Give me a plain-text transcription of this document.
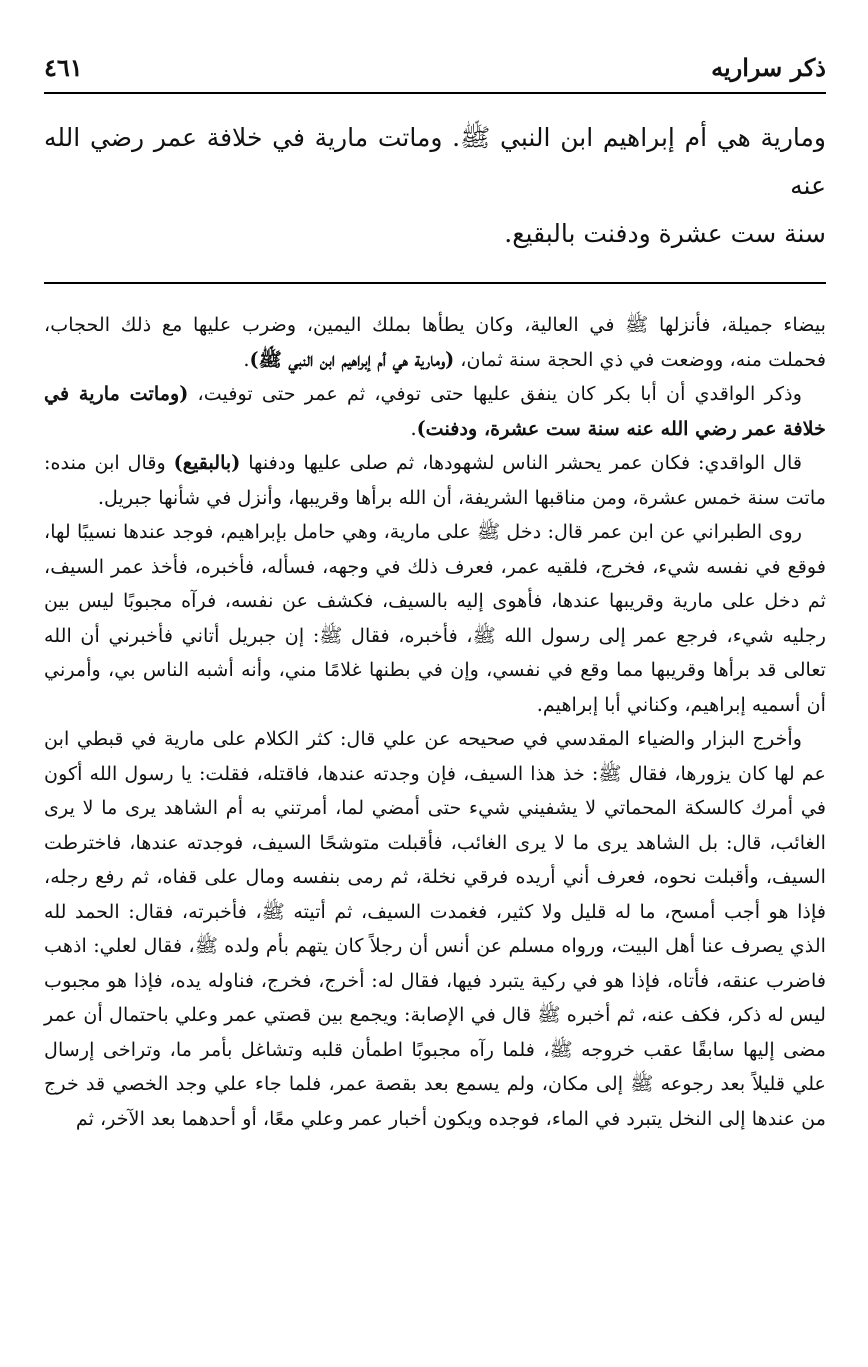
ذكر سراريه
٤٦١
ومارية هي أم إبراهيم ابن النبي ﷺ. وماتت مارية في خلافة عمر رضي الله عنه
سنة ست عشرة ودفنت بالبقيع.

بيضاء جميلة، فأنزلها ﷺ في العالية، وكان يطأها بملك اليمين، وضرب عليها مع ذلك الحجاب، فحملت منه، ووضعت في ذي الحجة سنة ثمان، (ومارية هي أم إبراهيم ابن النبي ﷺ).

وذكر الواقدي أن أبا بكر كان ينفق عليها حتى توفي، ثم عمر حتى توفيت، (وماتت مارية في خلافة عمر رضي الله عنه سنة ست عشرة، ودفنت).

قال الواقدي: فكان عمر يحشر الناس لشهودها، ثم صلى عليها ودفنها (بالبقيع) وقال ابن منده: ماتت سنة خمس عشرة، ومن مناقبها الشريفة، أن الله برأها وقريبها، وأنزل في شأنها جبريل.

روى الطبراني عن ابن عمر قال: دخل ﷺ على مارية، وهي حامل بإبراهيم، فوجد عندها نسيبًا لها، فوقع في نفسه شيء، فخرج، فلقيه عمر، فعرف ذلك في وجهه، فسأله، فأخبره، فأخذ عمر السيف، ثم دخل على مارية وقريبها عندها، فأهوى إليه بالسيف، فكشف عن نفسه، فرآه مجبوبًا ليس بين رجليه شيء، فرجع عمر إلى رسول الله ﷺ، فأخبره، فقال ﷺ: إن جبريل أتاني فأخبرني أن الله تعالى قد برأها وقريبها مما وقع في نفسي، وإن في بطنها غلامًا مني، وأنه أشبه الناس بي، وأمرني أن أسميه إبراهيم، وكناني أبا إبراهيم.

وأخرج البزار والضياء المقدسي في صحيحه عن علي قال: كثر الكلام على مارية في قبطي ابن عم لها كان يزورها، فقال ﷺ: خذ هذا السيف، فإن وجدته عندها، فاقتله، فقلت: يا رسول الله أكون في أمرك كالسكة المحماتي لا يشفيني شيء حتى أمضي لما، أمرتني به أم الشاهد يرى ما لا يرى الغائب، قال: بل الشاهد يرى ما لا يرى الغائب، فأقبلت متوشحًا السيف، فوجدته عندها، فاخترطت السيف، وأقبلت نحوه، فعرف أني أريده فرقي نخلة، ثم رمى بنفسه ومال على قفاه، ثم رفع رجله، فإذا هو أجب أمسح، ما له قليل ولا كثير، فغمدت السيف، ثم أتيته ﷺ، فأخبرته، فقال: الحمد لله الذي يصرف عنا أهل البيت، ورواه مسلم عن أنس أن رجلاً كان يتهم بأم ولده ﷺ، فقال لعلي: اذهب فاضرب عنقه، فأتاه، فإذا هو في ركية يتبرد فيها، فقال له: أخرج، فخرج، فناوله يده، فإذا هو مجبوب ليس له ذكر، فكف عنه، ثم أخبره ﷺ قال في الإصابة: ويجمع بين قصتي عمر وعلي باحتمال أن عمر مضى إليها سابقًا عقب خروجه ﷺ، فلما رآه مجبوبًا اطمأن قلبه وتشاغل بأمر ما، وتراخى إرسال علي قليلاً بعد رجوعه ﷺ إلى مكان، ولم يسمع بعد بقصة عمر، فلما جاء علي وجد الخصي قد خرج من عندها إلى النخل يتبرد في الماء، فوجده ويكون أخبار عمر وعلي معًا، أو أحدهما بعد الآخر، ثم
